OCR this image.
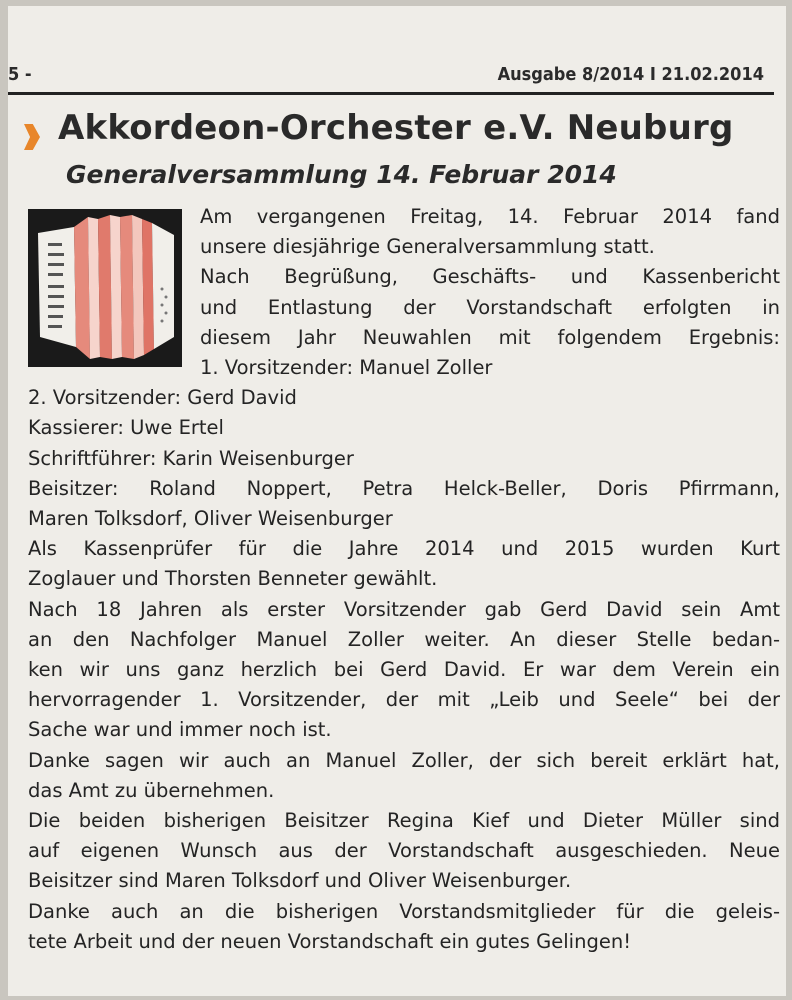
5 -	Ausgabe 8/2014 I 21.02.2014
Akkordeon-Orchester e.V. Neuburg
Generalversammlung 14. Februar 2014
Am vergangenen Freitag, 14. Februar 2014 fand
unsere diesjährige Generalversammlung statt.
Nach Begrüßung, Geschäfts- und Kassenbericht
und Entlastung der Vorstandschaft erfolgten in
diesem Jahr Neuwahlen mit folgendem Ergebnis:
1. Vorsitzender: Manuel Zoller
2. Vorsitzender: Gerd David
Kassierer: Uwe Ertel
Schriftführer: Karin Weisenburger
Beisitzer: Roland Noppert, Petra Helck-Beller, Doris Pfirrmann,
Maren Tolksdorf, Oliver Weisenburger
Als Kassenprüfer für die Jahre 2014 und 2015 wurden Kurt
Zoglauer und Thorsten Benneter gewählt.
Nach 18 Jahren als erster Vorsitzender gab Gerd David sein Amt
an den Nachfolger Manuel Zoller weiter. An dieser Stelle bedan-
ken wir uns ganz herzlich bei Gerd David. Er war dem Verein ein
hervorragender 1. Vorsitzender, der mit „Leib und Seele“ bei der
Sache war und immer noch ist.
Danke sagen wir auch an Manuel Zoller, der sich bereit erklärt hat,
das Amt zu übernehmen.
Die beiden bisherigen Beisitzer Regina Kief und Dieter Müller sind
auf eigenen Wunsch aus der Vorstandschaft ausgeschieden. Neue
Beisitzer sind Maren Tolksdorf und Oliver Weisenburger.
Danke auch an die bisherigen Vorstandsmitglieder für die geleis-
tete Arbeit und der neuen Vorstandschaft ein gutes Gelingen!
